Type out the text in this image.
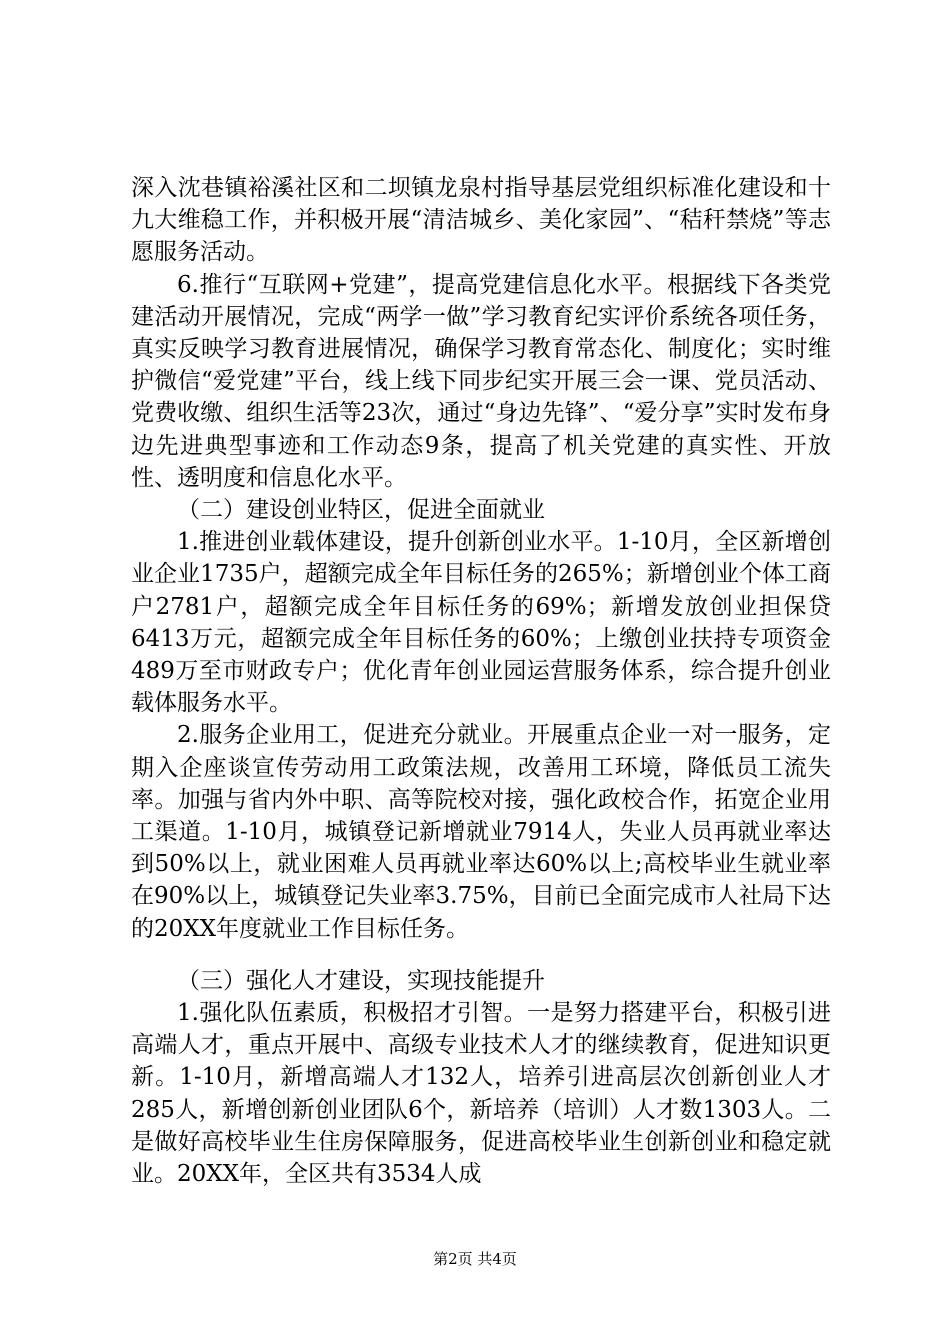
深入沈巷镇裕溪社区和二坝镇龙泉村指导基层党组织标准化建设和十九大维稳工作，并积极开展“清洁城乡、美化家园”、“秸秆禁烧”等志愿服务活动。

6.推行“互联网+党建”，提高党建信息化水平。根据线下各类党建活动开展情况，完成“两学一做”学习教育纪实评价系统各项任务，真实反映学习教育进展情况，确保学习教育常态化、制度化；实时维护微信“爱党建”平台，线上线下同步纪实开展三会一课、党员活动、党费收缴、组织生活等23次，通过“身边先锋”、“爱分享”实时发布身边先进典型事迹和工作动态9条，提高了机关党建的真实性、开放性、透明度和信息化水平。

（二）建设创业特区，促进全面就业

1.推进创业载体建设，提升创新创业水平。1-10月，全区新增创业企业1735户，超额完成全年目标任务的265%；新增创业个体工商户2781户，超额完成全年目标任务的69%；新增发放创业担保贷6413万元，超额完成全年目标任务的60%；上缴创业扶持专项资金489万至市财政专户；优化青年创业园运营服务体系，综合提升创业载体服务水平。

2.服务企业用工，促进充分就业。开展重点企业一对一服务，定期入企座谈宣传劳动用工政策法规，改善用工环境，降低员工流失率。加强与省内外中职、高等院校对接，强化政校合作，拓宽企业用工渠道。1-10月，城镇登记新增就业7914人，失业人员再就业率达到50%以上，就业困难人员再就业率达60%以上;高校毕业生就业率在90%以上，城镇登记失业率3.75%，目前已全面完成市人社局下达的20XX年度就业工作目标任务。

（三）强化人才建设，实现技能提升

1.强化队伍素质，积极招才引智。一是努力搭建平台，积极引进高端人才，重点开展中、高级专业技术人才的继续教育，促进知识更新。1-10月，新增高端人才132人，培养引进高层次创新创业人才285人，新增创新创业团队6个，新培养（培训）人才数1303人。二是做好高校毕业生住房保障服务，促进高校毕业生创新创业和稳定就业。20XX年，全区共有3534人成

第2页 共4页
